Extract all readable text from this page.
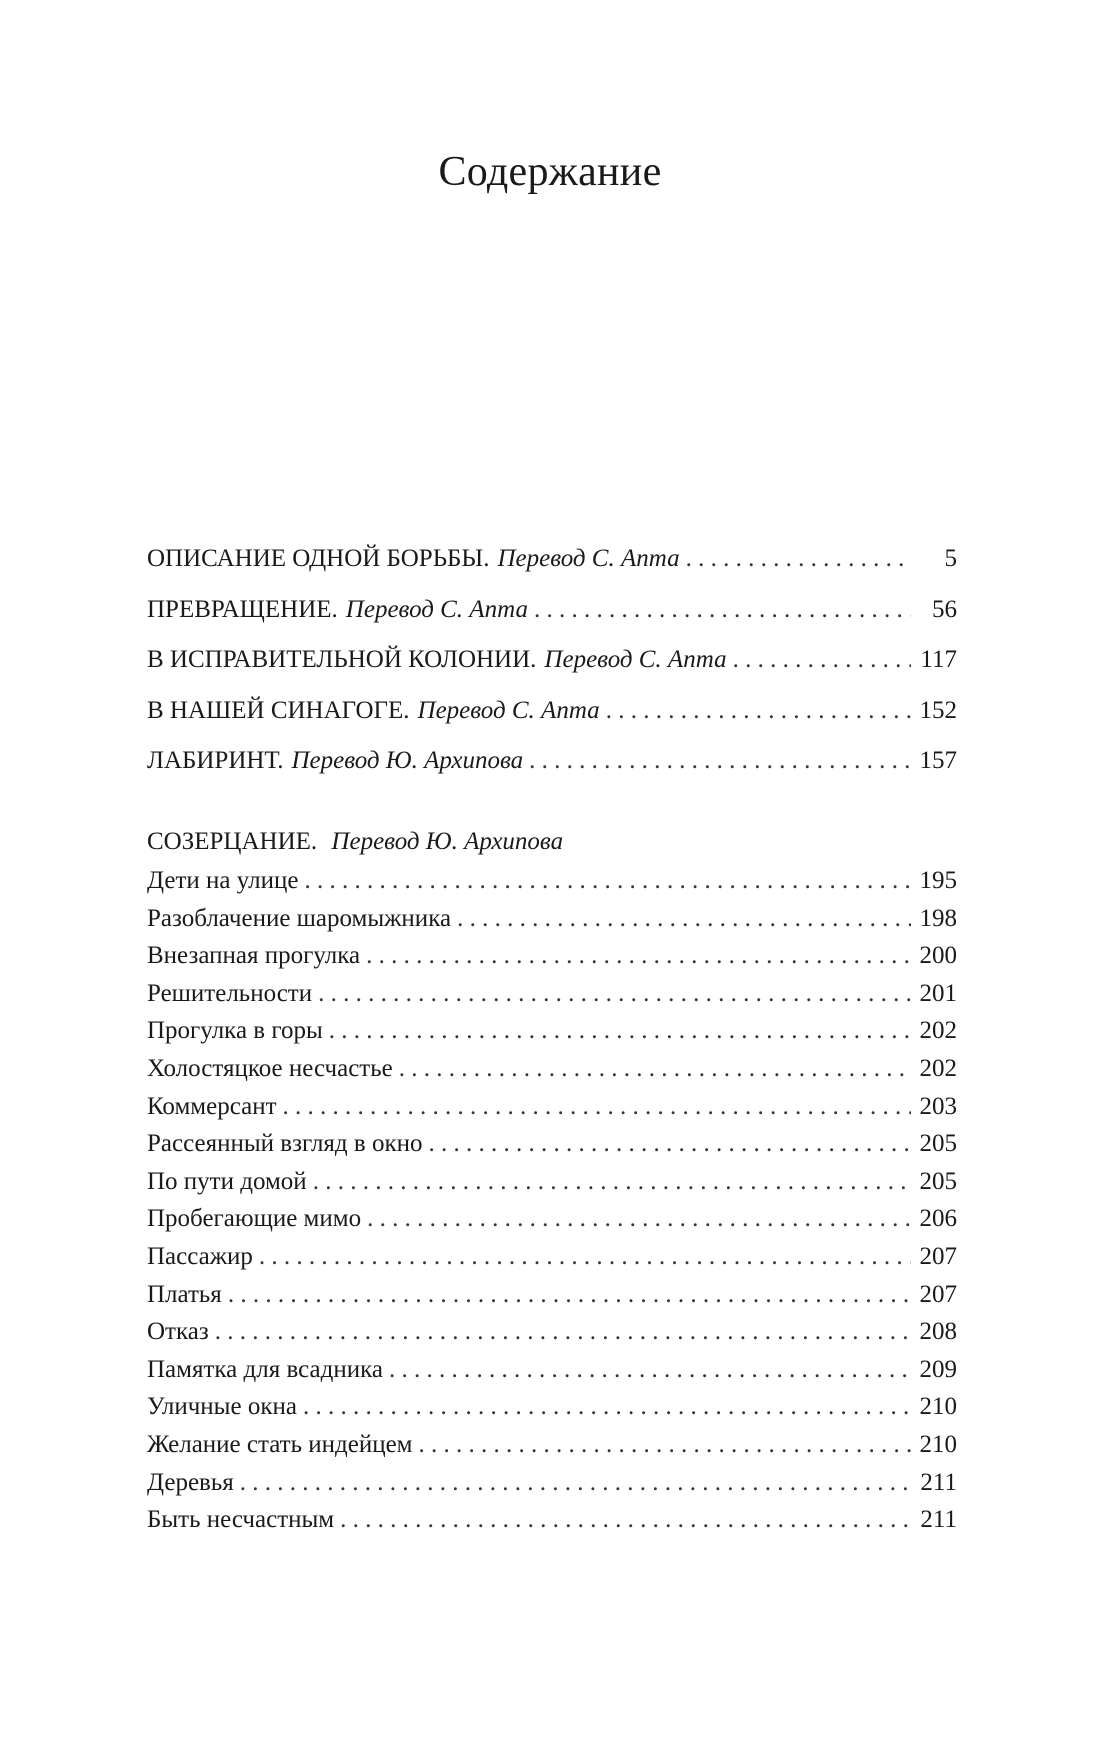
Содержание
ОПИСАНИЕ ОДНОЙ БОРЬБЫ. Перевод С. Апта . . .	5
ПРЕВРАЩЕНИЕ. Перевод С. Апта . . .	56
В ИСПРАВИТЕЛЬНОЙ КОЛОНИИ. Перевод С. Апта . . .	117
В НАШЕЙ СИНАГОГЕ. Перевод С. Апта . . .	152
ЛАБИРИНТ. Перевод Ю. Архипова . . .	157
СОЗЕРЦАНИЕ. Перевод Ю. Архипова
Дети на улице . . .	195
Разоблачение шаромыжника . . .	198
Внезапная прогулка . . .	200
Решительности . . .	201
Прогулка в горы . . .	202
Холостяцкое несчастье . . .	202
Коммерсант . . .	203
Рассеянный взгляд в окно . . .	205
По пути домой . . .	205
Пробегающие мимо . . .	206
Пассажир . . .	207
Платья . . .	207
Отказ . . .	208
Памятка для всадника . . .	209
Уличные окна . . .	210
Желание стать индейцем . . .	210
Деревья . . .	211
Быть несчастным . . .	211
